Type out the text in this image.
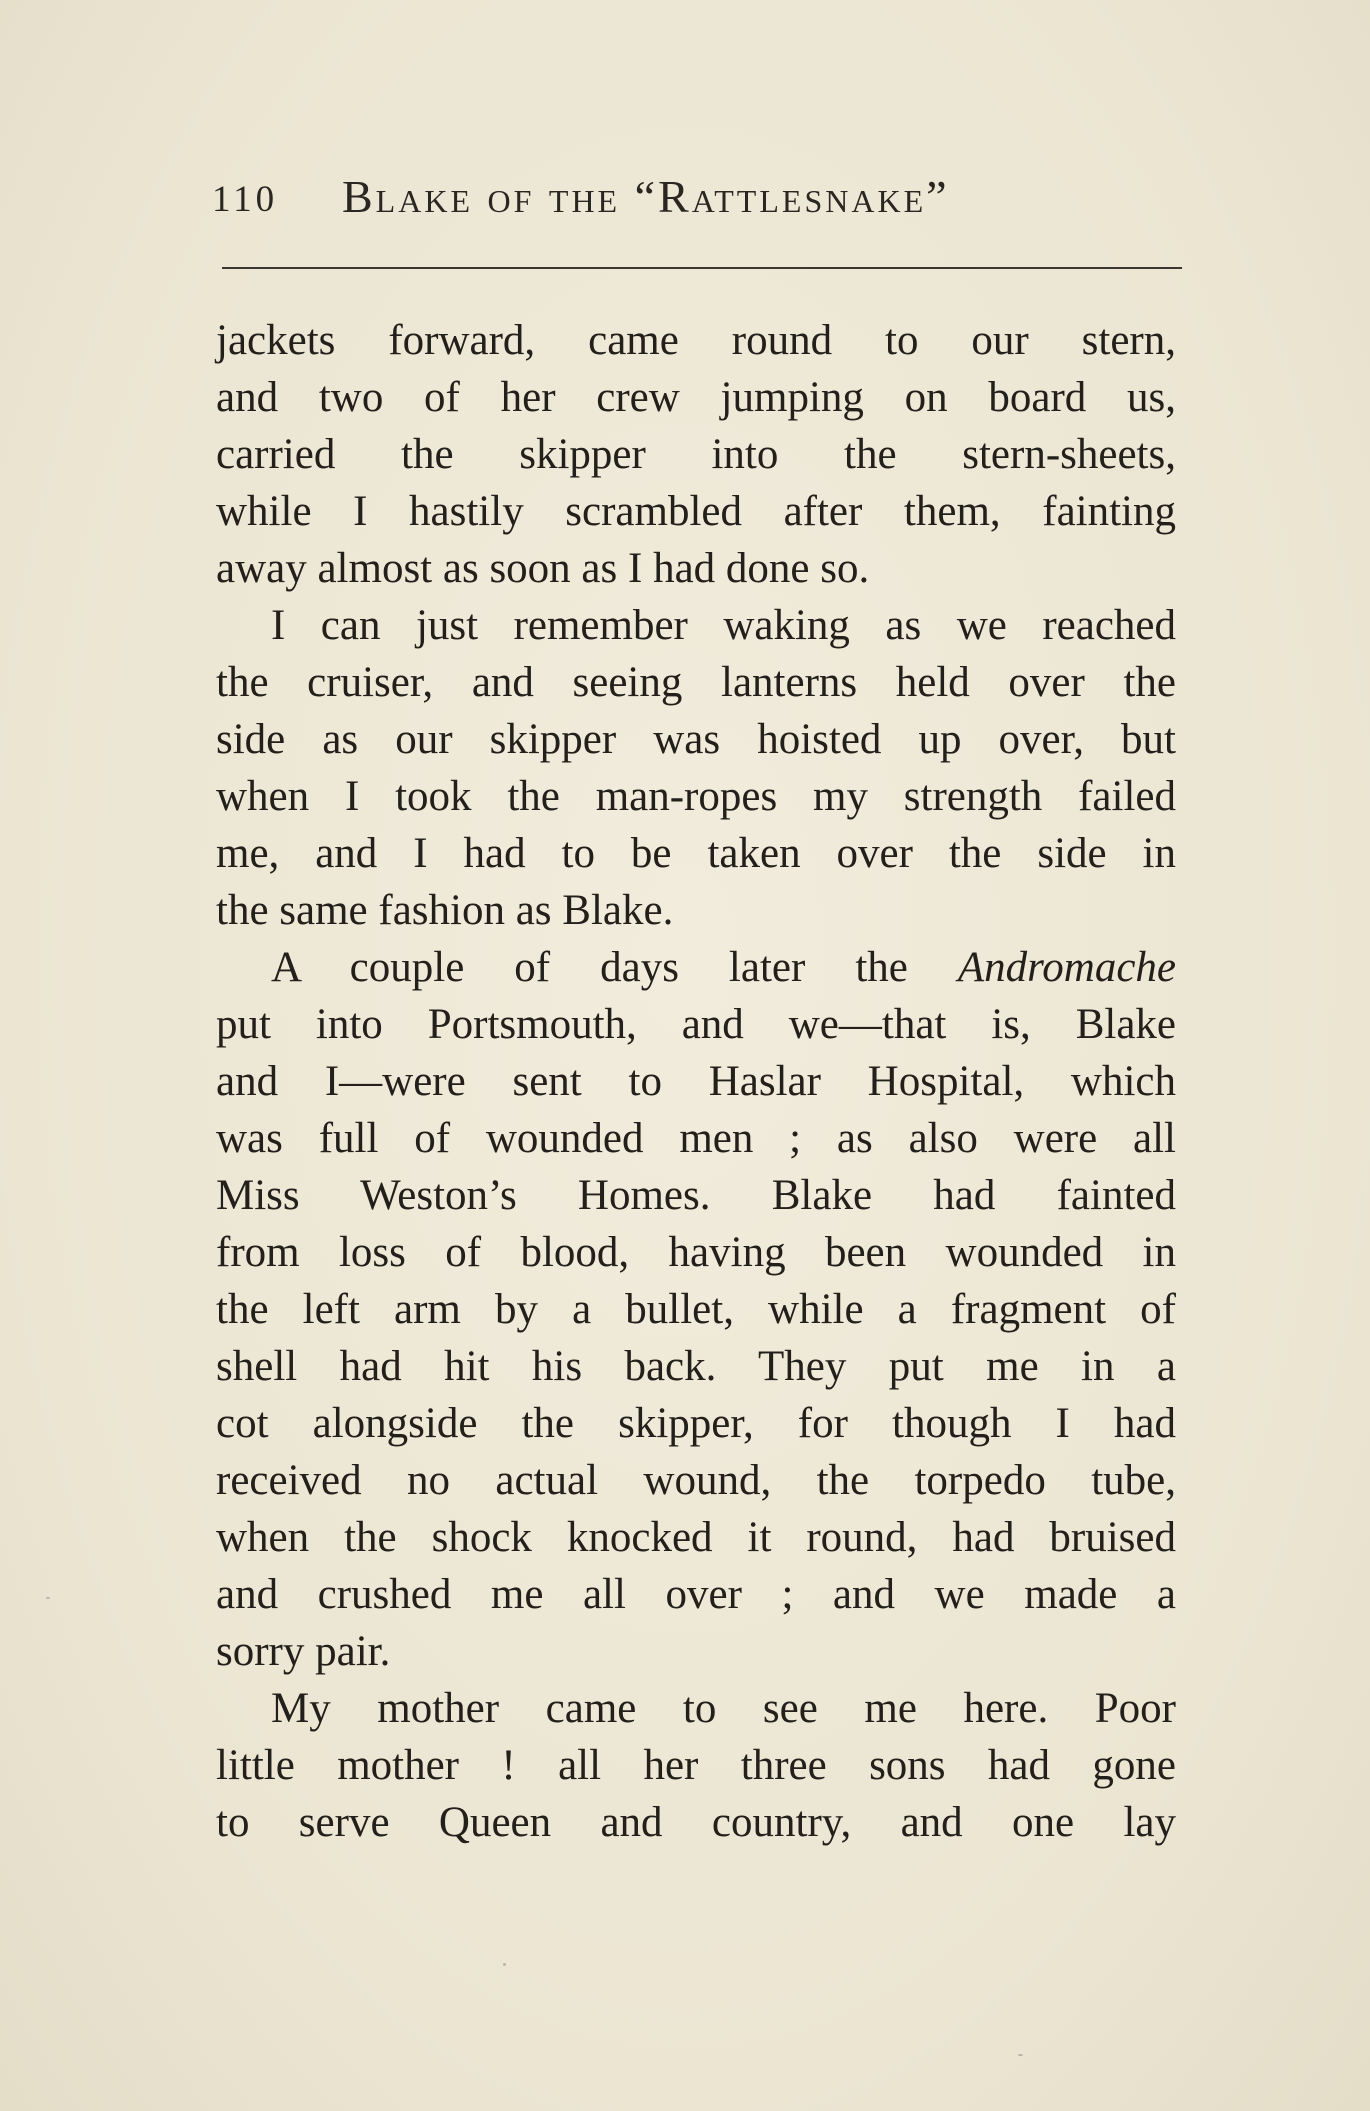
110 Blake of the “Rattlesnake”
jackets forward, came round to our stern,
and two of her crew jumping on board us,
carried the skipper into the stern-sheets,
while I hastily scrambled after them, fainting
away almost as soon as I had done so.
I can just remember waking as we reached
the cruiser, and seeing lanterns held over the
side as our skipper was hoisted up over, but
when I took the man-ropes my strength failed
me, and I had to be taken over the side in
the same fashion as Blake.
A couple of days later the Andromache
put into Portsmouth, and we—that is, Blake
and I—were sent to Haslar Hospital, which
was full of wounded men ; as also were all
Miss Weston’s Homes. Blake had fainted
from loss of blood, having been wounded in
the left arm by a bullet, while a fragment of
shell had hit his back. They put me in a
cot alongside the skipper, for though I had
received no actual wound, the torpedo tube,
when the shock knocked it round, had bruised
and crushed me all over ; and we made a
sorry pair.
My mother came to see me here. Poor
little mother ! all her three sons had gone
to serve Queen and country, and one lay
